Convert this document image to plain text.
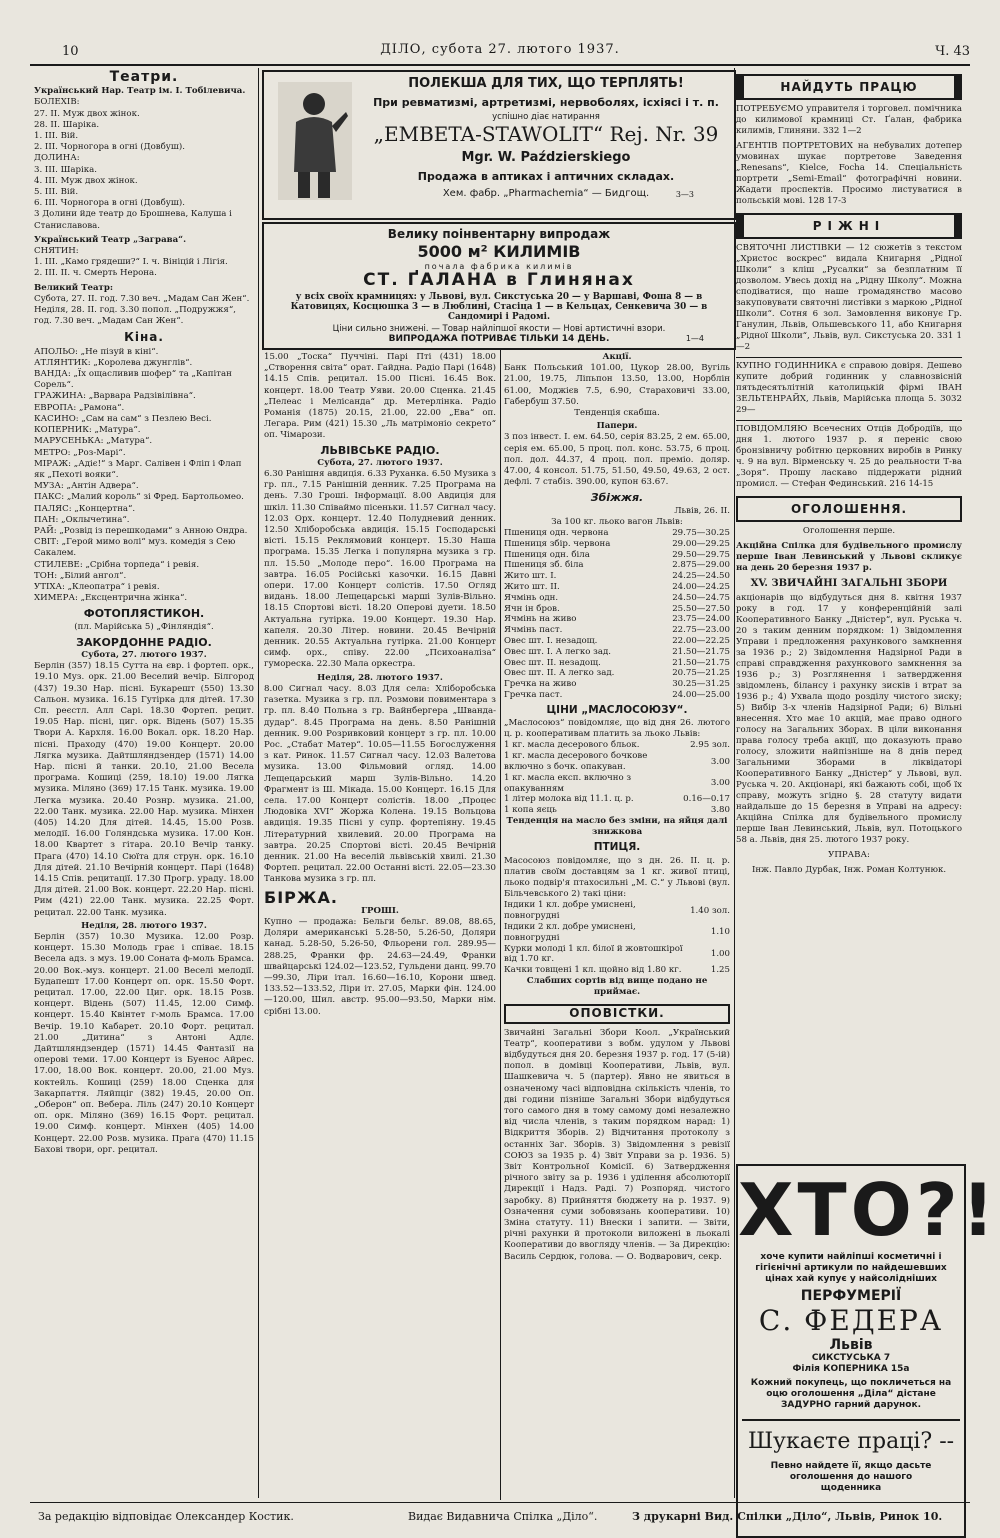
10	ДІЛО, субота 27. лютого 1937.	Ч. 43
Театри.

Український Нар. Театр ім. І. Тобілевича.

БОЛЕХІВ:

27. II. Муж двох жінок.

28. II. Шаріка.

1. III. Вій.

2. III. Чорногора в огні (Довбуш).

ДОЛИНА:

3. III. Шаріка.

4. III. Муж двох жінок.

5. III. Вій.

6. III. Чорногора в огні (Довбуш).

3 Долини йде театр до Брошнева, Калуша і Станиславова.

Український Театр „Заграва“.

СНЯТИН:

1. III. „Камо грядеши?“ I. ч. Вініцій і Лігія.

2. III. II. ч. Смерть Нерона.

Великий Театр:

Субота, 27. II. год. 7.30 веч. „Мадам Сан Жен“.

Неділя, 28. II. год. 3.30 попол. „Подружжя“, год. 7.30 веч. „Мадам Сан Жен“.

Кіна.

АПОЛЬО: „Не пізуй в кіні“.

АТЛЯНТИК: „Королева джунглів“.

ВАНДА: „Їх ощасливив шофер“ та „Капітан Сорель“.

ГРАЖИНА: „Варвара Радзівілівна“.

ЕВРОПА: „Рамона“.

КАСИНО: „Сам на сам“ з Пезлею Весі.

КОПЕРНИК: „Матура“.

МАРУСЕНЬКА: „Матура“.

МЕТРО: „Роз-Марі“.

МІРАЖ: „Адіє!“ з Марг. Салівен і Фліп і Флап як „Пехоті вояки“.

МУЗА: „Антін Адвера“.

ПАКС: „Малий король“ зі Фред. Бартольомео.

ПАЛЯС: „Концертна“.

ПАН: „Оклычетина“.

РАЙ: „Розвід із перешкодами“ з Анною Ондра.

СВІТ: „Герой мимо волі“ муз. комедія з Сею Сакалем.

СТИЛЕВЕ: „Срібна торпеда“ і ревія.

ТОН: „Білий ангол“.

УТІХА: „Клеопатра“ і ревія.

ХИМЕРА: „Ексцентрична жінка“.

ФОТОПЛЯСТИКОН.

(пл. Марійська 5) „Фінляндія“.

ЗАКОРДОННЕ РАДІО.

Субота, 27. лютого 1937.

Берлін (357) 18.15 Сутта на євр. і фортеп. орк., 19.10 Муз. орк. 21.00 Веселий вечір. Білгород (437) 19.30 Нар. пісні. Букарешт (550) 13.30 Сальон. музика. 16.15 Гутірка для дітей. 17.30 Сп. реєстл. Алл Сарі. 18.30 Фортеп. рецит. 19.05 Нар. пісні, циг. орк. Відень (507) 15.35 Твори А. Кархля. 16.00 Вокал. орк. 18.20 Нар. пісні. Праходу (470) 19.00 Концерт. 20.00 Лягка музика. Дайтшляндзендер (1571) 14.00 Нар. пісні й танки. 20.10, 21.00 Весела програма. Кошиці (259, 18.10) 19.00 Лягка музика. Міляно (369) 17.15 Танк. музика. 19.00 Легка музика. 20.40 Рознр. музика. 21.00, 22.00 Танк. музика. 22.00 Нар. музика. Мінхен (405) 14.20 Для дітей. 14.45, 15.00 Розв. мелодії. 16.00 Голяндська музика. 17.00 Кон. 18.00 Квартет з гітара. 20.10 Вечір танку. Прага (470) 14.10 Сюїта для струн. орк. 16.10 Для дітей. 21.10 Вечірній концерт. Парі (1648) 14.15 Спів. рецитації. 17.30 Прогр. ураду. 18.00 Для дітей. 21.00 Вок. концерт. 22.20 Нар. пісні. Рим (421) 22.00 Танк. музика. 22.25 Форт. рецитал. 22.00 Танк. музика.

Неділя, 28. лютого 1937.

Берлін (357) 10.30 Музика. 12.00 Розр. концерт. 15.30 Молодь грає і співає. 18.15 Весела адз. з муз. 19.00 Соната ф-моль Брамса. 20.00 Вок.-муз. концерт. 21.00 Веселі мелодії. Будапешт 17.00 Концерт оп. орк. 15.50 Форт. рецитал. 17.00, 22.00 Циг. орк. 18.15 Розв. концерт. Відень (507) 11.45, 12.00 Симф. концерт. 15.40 Квінтет г-моль Брамса. 17.00 Вечір. 19.10 Кабарет. 20.10 Форт. рецитал. 21.00 „Дитина“ з Антоні Адлє. Дайтшляндзендер (1571) 14.45 Фантазії на оперові теми. 17.00 Концерт із Буенос Айрес. 17.00, 18.00 Вок. концерт. 20.00, 21.00 Муз. коктейль. Кошиці (259) 18.00 Сценка для Закарпаття. Ляйпціг (382) 19.45, 20.00 Оп. „Оберон“ оп. Вебера. Ліль (247) 20.10 Концерт оп. орк. Міляно (369) 16.15 Форт. рецитал. 19.00 Симф. концерт. Мінхен (405) 14.00 Концерт. 22.00 Розв. музика. Прага (470) 11.15 Бахові твори, орг. рецитал.

ПОЛЕКША ДЛЯ ТИХ, ЩО ТЕРПЛЯТЬ!
При ревматизмі, артретизмі, нервоболях, ісхіясі і т. п.
успішно діає натирання
„EMBETA-STAWOLIT“ Rej. Nr. 39
Mgr. W. Paździerskiego
Продажа в аптиках і аптичних складах.
Хем. фабр. „Pharmachemia“ — Бидгощ.	3—3
Велику поінвентарну випродаж
5000 м² КИЛИМІВ
почала фабрика килимів
СТ. ҐАЛАНА в Глинянах
у всіх своїх крамницях: у Львові, вул. Сикстуська 20 — у Варшаві, Фоша 8 — в Катовицях, Косцюшка 3 — в Люблині, Стасіца 1 — в Кельцах, Сенкевича 30 — в Сандомирі і Радомі.
Ціни сильно знижені. — Товар найліпшої якости — Нові артистичні взори.
ВИПРОДАЖА ПОТРИВАЄ ТІЛЬКИ 14 ДЕНЬ.	1—4

15.00 „Тоска“ Пуччіні. Парі Пті (431) 18.00 „Створення світа“ орат. Гайдна. Радіо Парі (1648) 14.15 Спів. рецитал. 15.00 Пісні. 16.45 Вок. концерт. 18.00 Театр Уяви. 20.00 Сценка. 21.45 „Пелеас і Мелісанда“ др. Метерлінка. Радіо Романія (1875) 20.15, 21.00, 22.00 „Ева“ оп. Легара. Рим (421) 15.30 „Ль матрімоніо секрето“ оп. Чімарози.

ЛЬВІВСЬКЕ РАДІО.

Субота, 27. лютого 1937.

6.30 Ранішня авдиція. 6.33 Руханка. 6.50 Музика з гр. пл., 7.15 Ранішній денник. 7.25 Програма на день. 7.30 Гроші. Інформації. 8.00 Авдиція для шкіл. 11.30 Співаймо пісеньки. 11.57 Сигнал часу. 12.03 Орх. концерт. 12.40 Полудневий денник. 12.50 Хліборобська авдиція. 15.15 Господарські вісті. 15.15 Реклямовий концерт. 15.30 Наша програма. 15.35 Легка і популярна музика з гр. пл. 15.50 „Молоде перо“. 16.00 Програма на завтра. 16.05 Російські казочки. 16.15 Давні опери. 17.00 Концерт солістів. 17.50 Огляд видань. 18.00 Лещецарські марші Зулів-Вільно. 18.15 Спортові вісті. 18.20 Оперові дуети. 18.50 Актуальна гутірка. 19.00 Концерт. 19.30 Нар. капеля. 20.30 Літер. новини. 20.45 Вечірній денник. 20.55 Актуальна гутірка. 21.00 Концерт симф. орх., співу. 22.00 „Психоаналіза“ гумореска. 22.30 Мала оркестра.

Неділя, 28. лютого 1937.

8.00 Сигнал часу. 8.03 Для села: Хліборобська газетка. Музика з гр. пл. Розмови повиментара з гр. пл. 8.40 Польна з гр. Вайнбергера „Шванда-дудар“. 8.45 Програма на день. 8.50 Ранішній денник. 9.00 Розривковий концерт з гр. пл. 10.00 Рос. „Стабат Матер“. 10.05—11.55 Богослуження з кат. Ринок. 11.57 Сигнал часу. 12.03 Валетова музика. 13.00 Фільмовий огляд. 14.00 Лещецарський марш Зулів-Вільно. 14.20 Фрагмент із Ш. Мікада. 15.00 Концерт. 16.15 Для села. 17.00 Концерт солістів. 18.00 „Процес Людовіка XVI“ Жоржа Колена. 19.15 Вольцова авдиція. 19.35 Пісні у супр. фортепіяну. 19.45 Літературний хвилевий. 20.00 Програма на завтра. 20.25 Спортові вісті. 20.45 Вечірній денник. 21.00 На веселій львівській хвилі. 21.30 Фортеп. рецитал. 22.00 Останні вісті. 22.05—23.30 Танкова музика з гр. пл.

БІРЖА.

ГРОШІ.

Купно — продажа: Бельги бельг. 89.08, 88.65, Доляри американські 5.28-50, 5.26-50, Доляри канад. 5.28-50, 5.26-50, Фльорени гол. 289.95—288.25, Франки фр. 24.63—24.49, Франки швайцарські 124.02—123.52, Гульдени данц. 99.70—99.30, Ліри італ. 16.60—16.10, Корони швед. 133.52—133.52, Ліри іт. 27.05, Марки фін. 124.00—120.00, Шил. австр. 95.00—93.50, Марки нім. срібні 13.00.

Акції.

Банк Польський 101.00, Цукор 28.00, Вугіль 21.00, 19.75, Ліпьпон 13.50, 13.00, Норблін 61.00, Моджієв 7.5, 6.90, Стараховичі 33.00, Габербуш 37.50.

Тенденція скабша.

Папери.

3 поз інвест. І. ем. 64.50, серія 83.25, 2 ем. 65.00, серія ем. 65.00, 5 проц. пол. конс. 53.75, 6 проц. пол. дол. 44.37, 4 проц. пол. преміо. доляр. 47.00, 4 консол. 51.75, 51.50, 49.50, 49.63, 2 ост. дефлі. 7 стабіз. 390.00, купон 63.67.

Збіжжя.

Львів, 26. II.

За 100 кг. льоко вагон Львів:

Пшениця одн. червона	29.75—30.25
Пшениця збір. червона	29.00—29.25
Пшениця одн. біла	29.50—29.75
Пшениця зб. біла	2.875—29.00
Жито шт. І.	24.25—24.50
Жито шт. ІІ.	24.00—24.25
Ячмінь одн.	24.50—24.75
Ячн ін бров.	25.50—27.50
Ячмінь на живо	23.75—24.00
Ячмінь паст.	22.75—23.00
Овес шт. І. незадощ.	22.00—22.25
Овес шт. І. А легко зад.	21.50—21.75
Овес шт. ІІ. незадощ.	21.50—21.75
Овес шт. ІІ. А легко зад.	20.75—21.25
Гречка на живо	30.25—31.25
Гречка паст.	24.00—25.00
ЦІНИ „МАСЛОСОЮЗУ“.

„Маслосоюз“ повідомляє, що від дня 26. лютого ц. р. кооперативам платить за льоко Львів:

1 кг. масла десерового бльок.	2.95 зол.
1 кг. масла десерового бочкове включно з бочк. опакуван.	3.00
1 кг. масла експ. включно з опакуванням	3.00
1 літер молока від 11.1. ц. р.	0.16—0.17
1 копа яєць	3.80

Тенденція на масло без зміни, на яйця далі знижкова

ПТИЦЯ.

Масосоюз повідомляє, що з дн. 26. II. ц. р. платив своїм доставцям за 1 кг. живої птиці, льоко подвір'я птахосильні „М. С.“ у Львові (вул. Більчевського 2) такі ціни:

Індики 1 кл. добре умиснені, повногрудні	1.40 зол.
Індики 2 кл. добре умиснені, повногрудні	1.10
Курки молоді 1 кл. білої й жовтошкірої від 1.70 кг.	1.00
Качки товщені 1 кл. щойно від 1.80 кг.	1.25

Слабших сортів від вище подано не приймає.

ОПОВІСТКИ.

Звичайні Загальні Збори Коол. „Український Театр“, кооперативи з вобм. удулом у Львові відбудуться дня 20. березня 1937 р. год. 17 (5-ій) попол. в домівці Кооперативи, Львів, вул. Шашкевича ч. 5 (партер). Явно не явиться в означеному часі відповідна скількість членів, то дві години пізніше Загальні Збори відбудуться того самого дня в тому самому домі незалежно від числа членів, з таким порядком нарад: 1) Відкриття Зборів. 2) Відчитання протоколу з останніх Заг. Зборів. 3) Звідомлення з ревізії СОЮЗ за 1935 р. 4) Звіт Управи за р. 1936. 5) Звіт Контрольної Комісії. 6) Затвердження річного звіту за р. 1936 і уділення абсолюторії Дирекції і Надз. Раді. 7) Розпоряд. чистого заробку. 8) Прийняття бюджету на р. 1937. 9) Означення суми зобовязань кооперативи. 10) Зміна статуту. 11) Внески і запити. — Звіти, річні рахунки й протоколи виложені в льокалі Кооперативи до ввогляду членів. — За Дирекцію: Василь Сердюк, голова. — О. Водварович, секр.

НАЙДУТЬ ПРАЦЮ
ПОТРЕБУЄМО управителя і торговел. помічника до килимової крамниці Ст. Ґалан, фабрика килимів, Глиняни. 332 1—2
АГЕНТІВ ПОРТРЕТОВИХ на небувалих дотепер умовинах шукає портретове Заведення „Renesans“, Kielce, Focha 14. Спеціальність портрети „Semi-Email“ фотографічні новини. Жадати проспектів. Просимо листуватися в польській мові. 128 17-3
РІЖНІ
СВЯТОЧНІ ЛИСТІВКИ — 12 сюжетів з текстом „Христос воскрес“ видала Книгарня „Рідної Школи“ з кліш „Русалки“ за безплатним її дозволом. Увесь дохід на „Рідну Школу“. Можна сподіватися, що наше громадянство масово закуповувати святочні листівки з маркою „Рідної Школи“. Сотня 6 зол. Замовлення виконує Гр. Ганулин, Львів, Ольшевського 11, або Книгарня „Рідної Школи“, Львів, вул. Сикстуська 20. 331 1—2
КУПНО ГОДИННИКА є справою довіря. Дешево купите добрий годинник у славнозвісній пятьдесятьлітній католицькій фірмі ІВАН ЗЕЛЬТЕНРАЙХ, Львів, Марійська площа 5. 3032 29—
ПОВІДОМЛЯЮ Всечесних Отців Добродіїв, що дня 1. лютого 1937 р. я переніс свою бронзівничу робітню церковних виробів в Ринку ч. 9 на вул. Вірменську ч. 25 до реальности Т-ва „Зоря“. Прошу ласкаво піддержати рідний промисл. — Стефан Фединський. 216 14-15
ОГОЛОШЕННЯ.
Оголошення перше.
Акційна Спілка для будівельного промислу перше Іван Левинський у Львові скликує на день 20 березня 1937 р.
XV. ЗВИЧАЙНІ ЗАГАЛЬНІ ЗБОРИ
акціонарів що відбудуться дня 8. квітня 1937 року в год. 17 у конференційній залі Кооперативного Банку „Дністер“, вул. Руська ч. 20 з таким денним порядком: 1) Звідомлення Управи і предложення рахункового замкнення за 1936 р.; 2) Звідомлення Надзірної Ради в справі справдження рахункового замкнення за 1936 р.; 3) Розглянення і затвердження звідомлень, білансу і рахунку зисків і втрат за 1936 р.; 4) Ухвала щодо розділу чистого зиску; 5) Вибір 3-х членів Надзірної Ради; 6) Вільні внесення. Хто має 10 акцій, має право одного голосу на Загальних Зборах. В ціли виконання права голосу треба акції, що доказують право голосу, зложити найпізніше на 8 днів перед Загальними Зборами в ліквідаторі Кооперативного Банку „Дністер“ у Львові, вул. Руська ч. 20. Акціонарі, які бажають собі, щоб їх справу, можуть згідно §. 28 статуту видати найдальше до 15 березня в Управі на адресу: Акційна Спілка для будівельного промислу перше Іван Левинський, Львів, вул. Потоцького 58 а. Львів, дня 25. лютого 1937 року.
УПРАВА:
Інж. Павло Дурбак, Інж. Роман Колтунюк.
ХТО?!
хоче купити найліпші косметичні і гігієнічні артикули по найдешевших цінах хай купує у найсолідніших
ПЕРФУМЕРІЇ
С. ФЕДЕРА
Львів
СИКСТУСЬКА 7
Філія КОПЕРНИКА 15а
Кожний покупець, що покличеться на оцю оголошення „Діла“ дістане ЗАДУРНО гарний дарунок.
Шукаєте праці? --
Певно найдете її, якщо дасьте оголошення до нашого щоденника
За редакцію відповідає Олександер Костик.	Видає Видавнича Спілка „Діло“.	З друкарні Вид. Спілки „Діло“, Львів, Ринок 10.
